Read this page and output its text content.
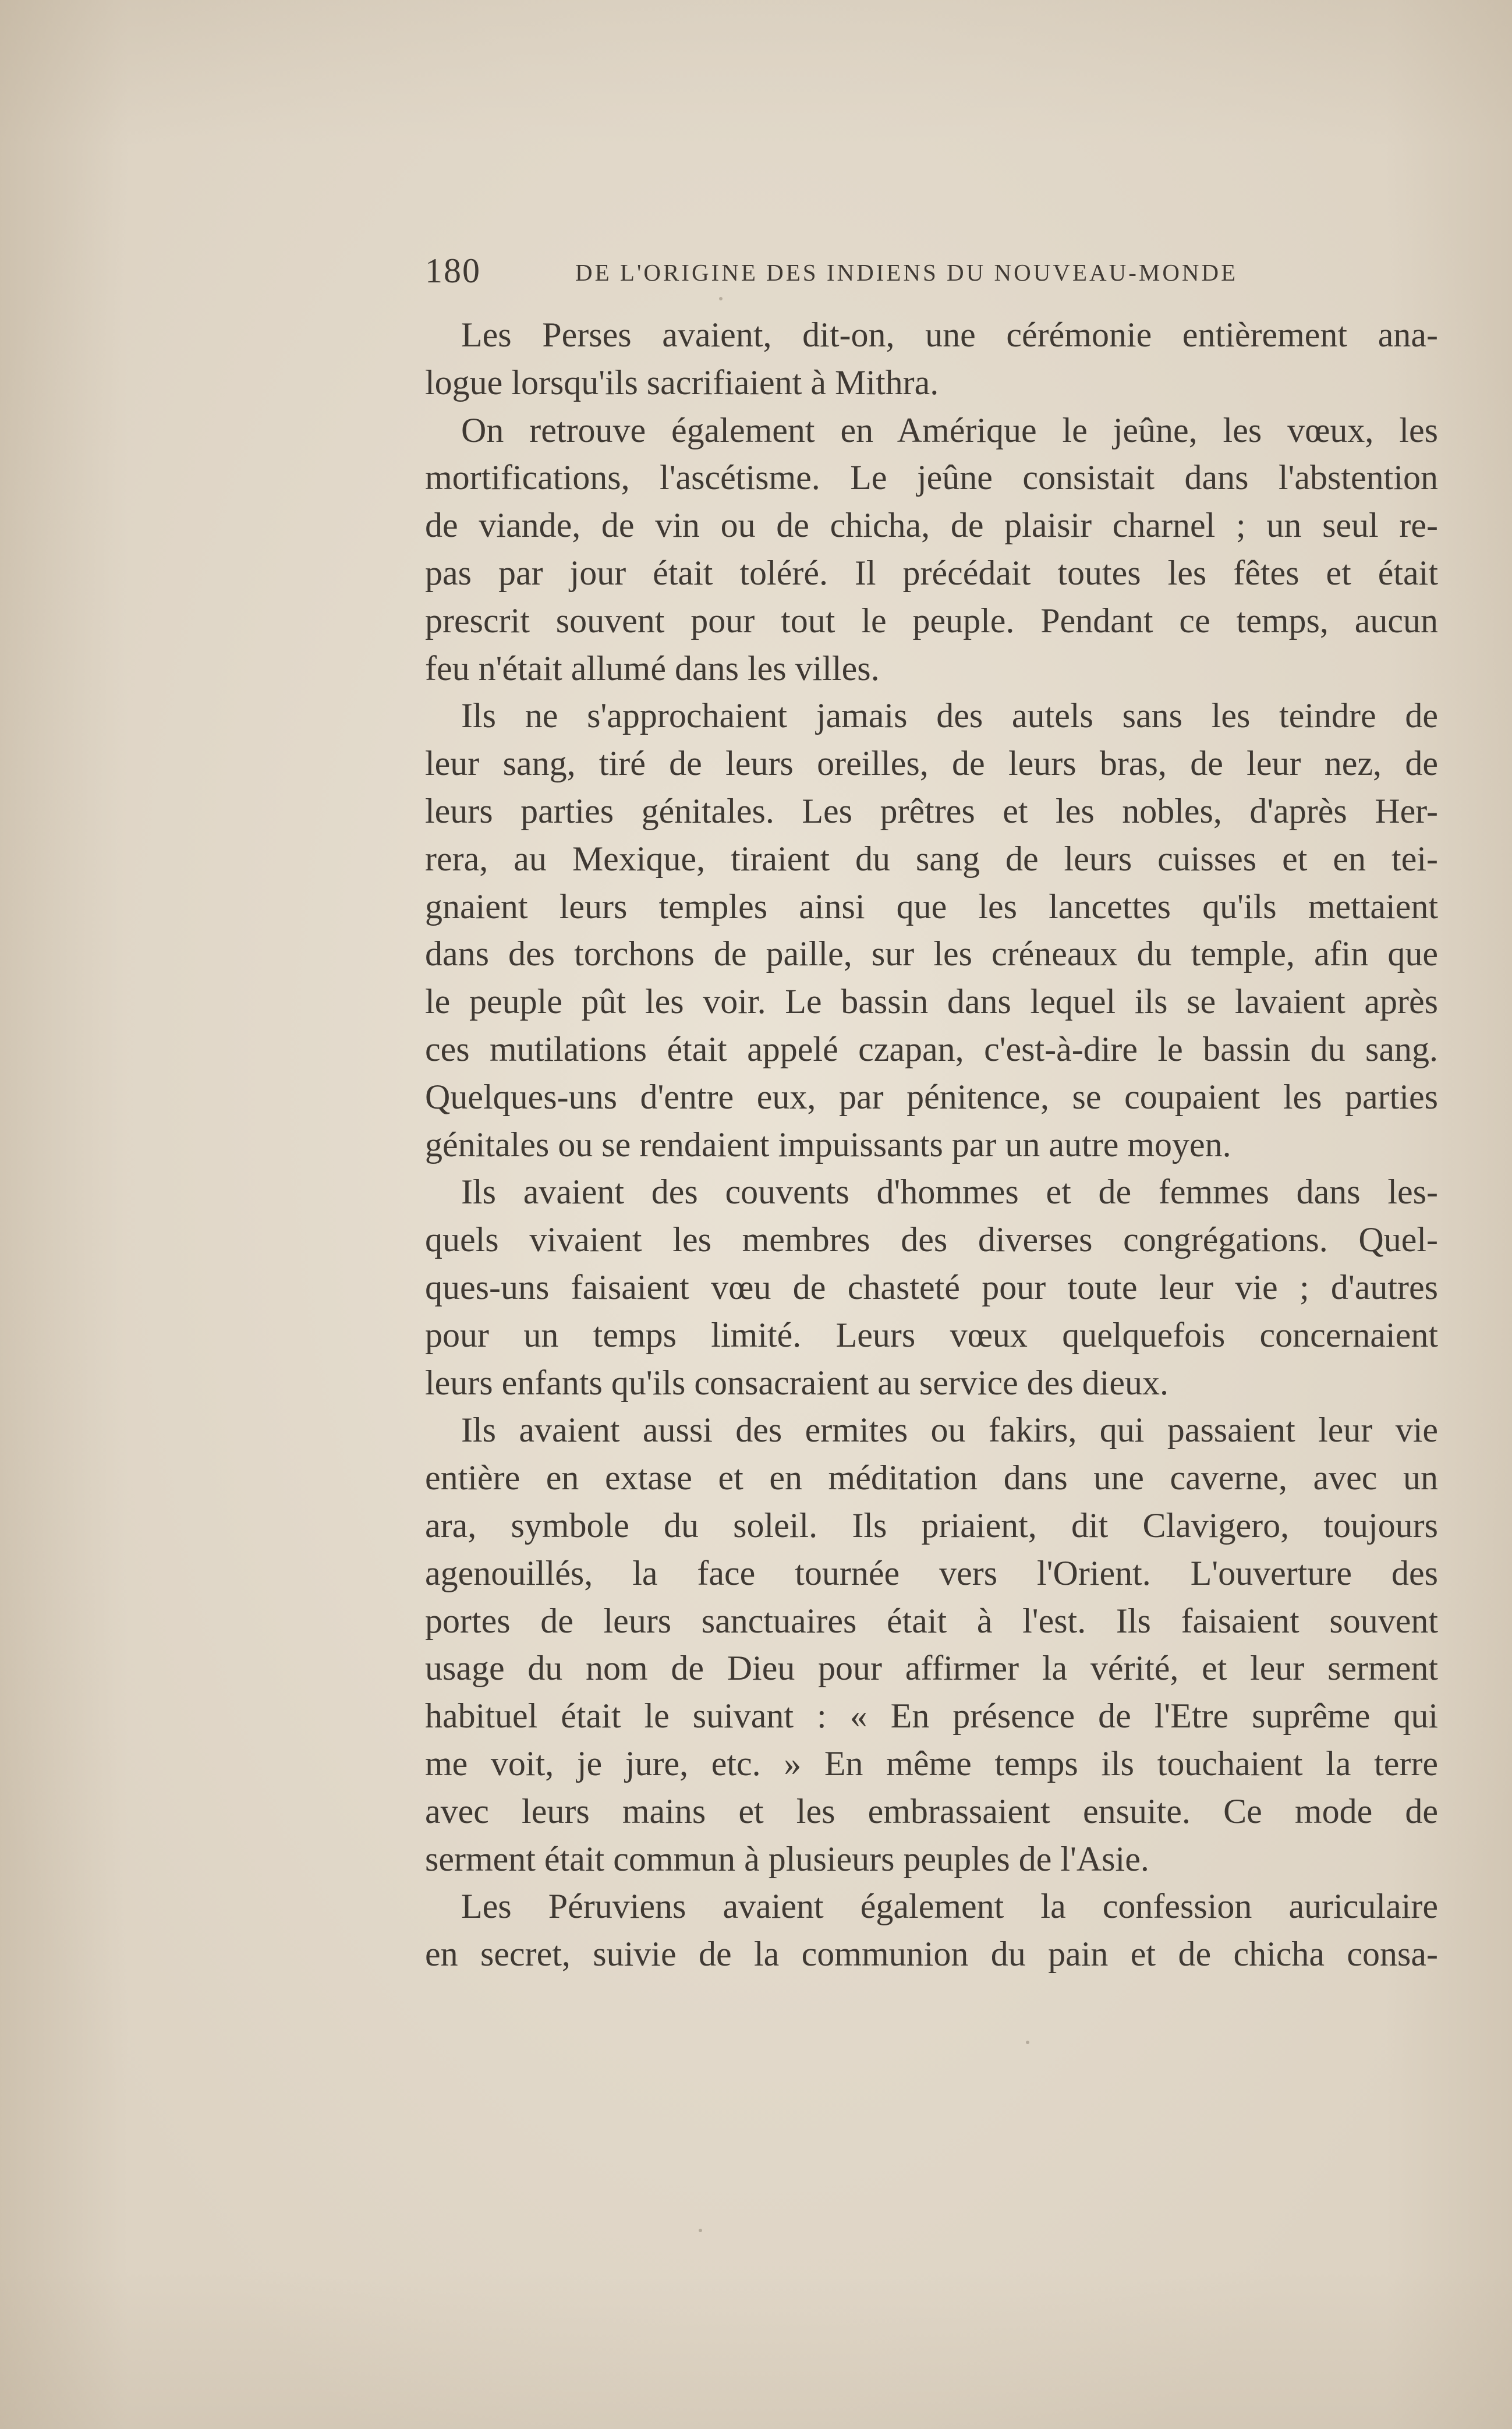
180	DE L'ORIGINE DES INDIENS DU NOUVEAU-MONDE
Les Perses avaient, dit-on, une cérémonie entièrement ana-
logue lorsqu'ils sacrifiaient à Mithra.
On retrouve également en Amérique le jeûne, les vœux, les
mortifications, l'ascétisme. Le jeûne consistait dans l'abstention
de viande, de vin ou de chicha, de plaisir charnel ; un seul re-
pas par jour était toléré. Il précédait toutes les fêtes et était
prescrit souvent pour tout le peuple. Pendant ce temps, aucun
feu n'était allumé dans les villes.
Ils ne s'approchaient jamais des autels sans les teindre de
leur sang, tiré de leurs oreilles, de leurs bras, de leur nez, de
leurs parties génitales. Les prêtres et les nobles, d'après Her-
rera, au Mexique, tiraient du sang de leurs cuisses et en tei-
gnaient leurs temples ainsi que les lancettes qu'ils mettaient
dans des torchons de paille, sur les créneaux du temple, afin que
le peuple pût les voir. Le bassin dans lequel ils se lavaient après
ces mutilations était appelé czapan, c'est-à-dire le bassin du sang.
Quelques-uns d'entre eux, par pénitence, se coupaient les parties
génitales ou se rendaient impuissants par un autre moyen.
Ils avaient des couvents d'hommes et de femmes dans les-
quels vivaient les membres des diverses congrégations. Quel-
ques-uns faisaient vœu de chasteté pour toute leur vie ; d'autres
pour un temps limité. Leurs vœux quelquefois concernaient
leurs enfants qu'ils consacraient au service des dieux.
Ils avaient aussi des ermites ou fakirs, qui passaient leur vie
entière en extase et en méditation dans une caverne, avec un
ara, symbole du soleil. Ils priaient, dit Clavigero, toujours
agenouillés, la face tournée vers l'Orient. L'ouverture des
portes de leurs sanctuaires était à l'est. Ils faisaient souvent
usage du nom de Dieu pour affirmer la vérité, et leur serment
habituel était le suivant : « En présence de l'Etre suprême qui
me voit, je jure, etc. » En même temps ils touchaient la terre
avec leurs mains et les embrassaient ensuite. Ce mode de
serment était commun à plusieurs peuples de l'Asie.
Les Péruviens avaient également la confession auriculaire
en secret, suivie de la communion du pain et de chicha consa-
